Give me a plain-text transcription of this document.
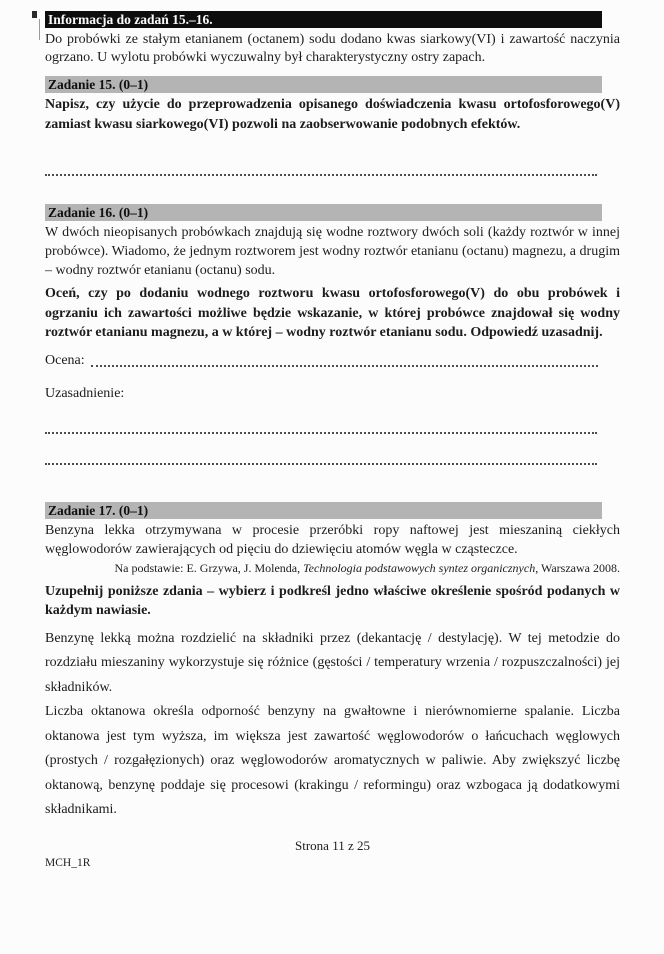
Informacja do zadań 15.–16.

Do probówki ze stałym etanianem (octanem) sodu dodano kwas siarkowy(VI) i zawartość naczynia ogrzano. U wylotu probówki wyczuwalny był charakterystyczny ostry zapach.

Zadanie 15. (0–1)

Napisz, czy użycie do przeprowadzenia opisanego doświadczenia kwasu ortofosforowego(V) zamiast kwasu siarkowego(VI) pozwoli na zaobserwowanie podobnych efektów.

Zadanie 16. (0–1)

W dwóch nieopisanych probówkach znajdują się wodne roztwory dwóch soli (każdy roztwór w innej probówce). Wiadomo, że jednym roztworem jest wodny roztwór etanianu (octanu) magnezu, a drugim – wodny roztwór etanianu (octanu) sodu.

Oceń, czy po dodaniu wodnego roztworu kwasu ortofosforowego(V) do obu probówek i ogrzaniu ich zawartości możliwe będzie wskazanie, w której probówce znajdował się wodny roztwór etanianu magnezu, a w której – wodny roztwór etanianu sodu. Odpowiedź uzasadnij.

Ocena:
Uzasadnienie:
Zadanie 17. (0–1)

Benzyna lekka otrzymywana w procesie przeróbki ropy naftowej jest mieszaniną ciekłych węglowodorów zawierających od pięciu do dziewięciu atomów węgla w cząsteczce.

Na podstawie: E. Grzywa, J. Molenda, Technologia podstawowych syntez organicznych, Warszawa 2008.

Uzupełnij poniższe zdania – wybierz i podkreśl jedno właściwe określenie spośród podanych w każdym nawiasie.

Benzynę lekką można rozdzielić na składniki przez (dekantację / destylację). W tej metodzie do rozdziału mieszaniny wykorzystuje się różnice (gęstości / temperatury wrzenia / rozpuszczalności) jej składników.

Liczba oktanowa określa odporność benzyny na gwałtowne i nierównomierne spalanie. Liczba oktanowa jest tym wyższa, im większa jest zawartość węglowodorów o łańcuchach węglowych (prostych / rozgałęzionych) oraz węglowodorów aromatycznych w paliwie. Aby zwiększyć liczbę oktanową, benzynę poddaje się procesowi (krakingu / reformingu) oraz wzbogaca ją dodatkowymi składnikami.

Strona 11 z 25
MCH_1R
